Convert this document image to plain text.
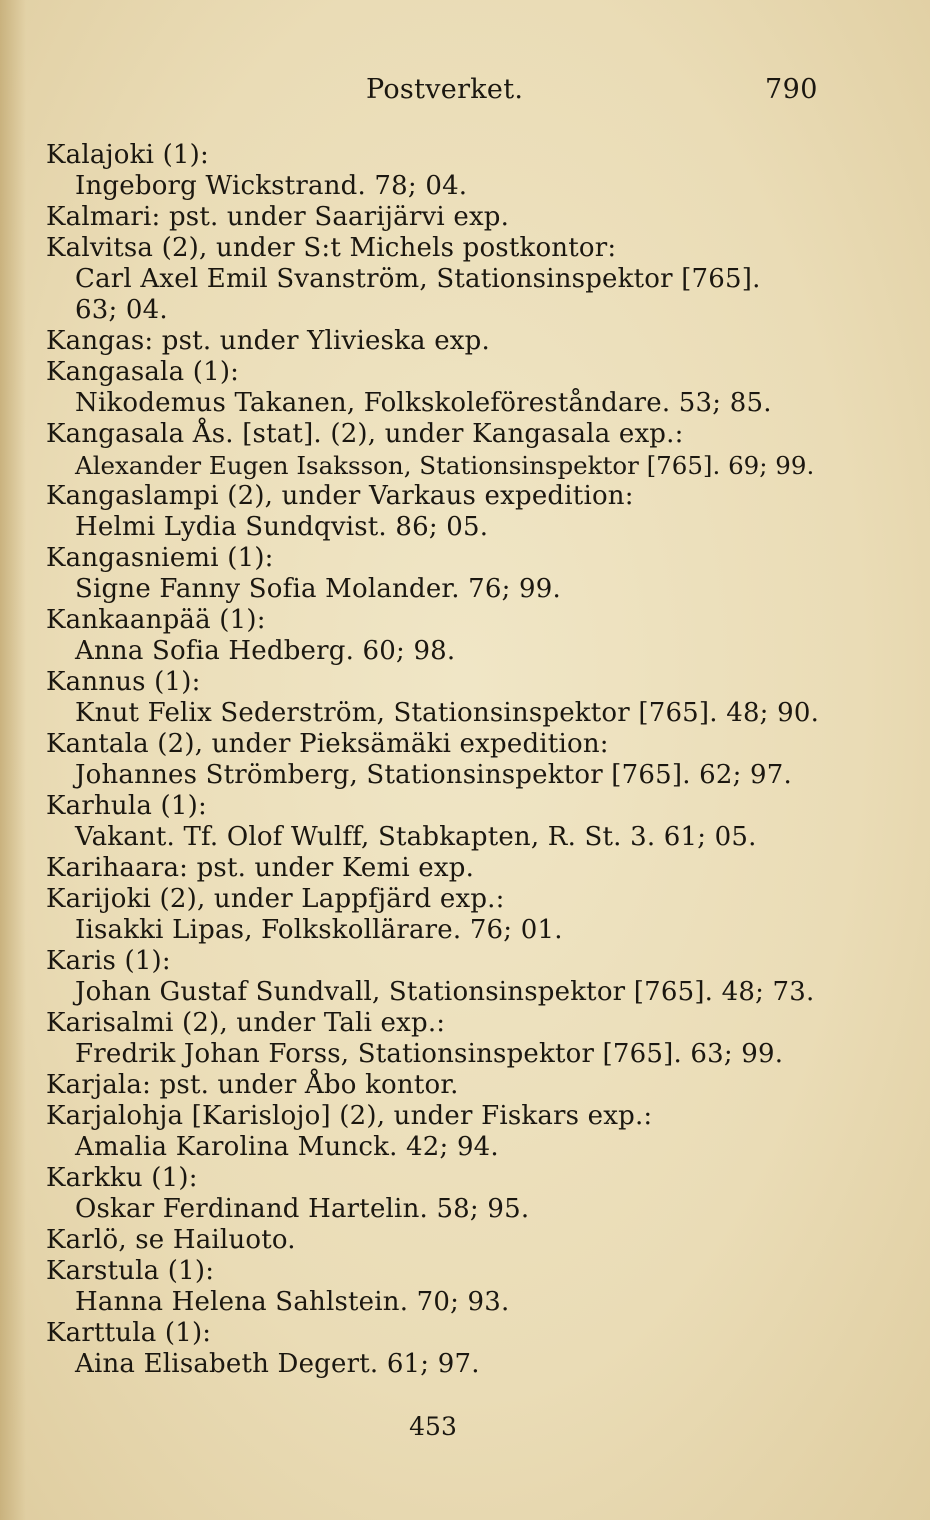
Postverket.	790
Kalajoki (1):
Ingeborg Wickstrand. 78; 04.
Kalmari: pst. under Saarijärvi exp.
Kalvitsa (2), under S:t Michels postkontor:
Carl Axel Emil Svanström, Stationsinspektor [765].
63; 04.
Kangas: pst. under Ylivieska exp.
Kangasala (1):
Nikodemus Takanen, Folkskoleföreståndare. 53; 85.
Kangasala Ås. [stat]. (2), under Kangasala exp.:
Alexander Eugen Isaksson, Stationsinspektor [765]. 69; 99.
Kangaslampi (2), under Varkaus expedition:
Helmi Lydia Sundqvist. 86; 05.
Kangasniemi (1):
Signe Fanny Sofia Molander. 76; 99.
Kankaanpää (1):
Anna Sofia Hedberg. 60; 98.
Kannus (1):
Knut Felix Sederström, Stationsinspektor [765]. 48; 90.
Kantala (2), under Pieksämäki expedition:
Johannes Strömberg, Stationsinspektor [765]. 62; 97.
Karhula (1):
Vakant. Tf. Olof Wulff, Stabkapten, R. St. 3. 61; 05.
Karihaara: pst. under Kemi exp.
Karijoki (2), under Lappfjärd exp.:
Iisakki Lipas, Folkskollärare. 76; 01.
Karis (1):
Johan Gustaf Sundvall, Stationsinspektor [765]. 48; 73.
Karisalmi (2), under Tali exp.:
Fredrik Johan Forss, Stationsinspektor [765]. 63; 99.
Karjala: pst. under Åbo kontor.
Karjalohja [Karislojo] (2), under Fiskars exp.:
Amalia Karolina Munck. 42; 94.
Karkku (1):
Oskar Ferdinand Hartelin. 58; 95.
Karlö, se Hailuoto.
Karstula (1):
Hanna Helena Sahlstein. 70; 93.
Karttula (1):
Aina Elisabeth Degert. 61; 97.
453
